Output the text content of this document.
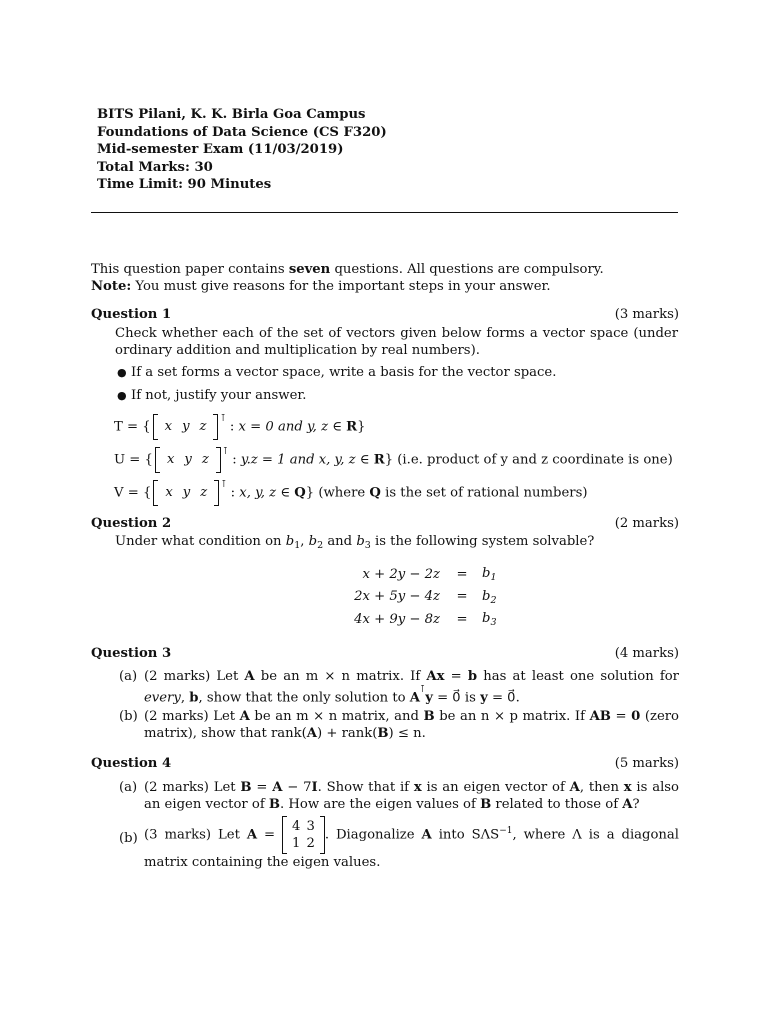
BITS Pilani, K. K. Birla Goa Campus
Foundations of Data Science (CS F320)
Mid-semester Exam (11/03/2019)
Total Marks: 30
Time Limit: 90 Minutes
This question paper contains seven questions. All questions are compulsory.
Note: You must give reasons for the important steps in your answer.
Question 1	(3 marks)
Check whether each of the set of vectors given below forms a vector space (under ordinary addition and multiplication by real numbers).
● If a set forms a vector space, write a basis for the vector space.
● If not, justify your answer.
T = { x y z⊺ : x = 0 and y, z ∈ R}
U = { x y z⊺ : y.z = 1 and x, y, z ∈ R} (i.e. product of y and z coordinate is one)
V = { x y z⊺ : x, y, z ∈ Q} (where Q is the set of rational numbers)
Question 2	(2 marks)
Under what condition on $b_1$, $b_2$ and $b_3$ is the following system solvable?
x + 2y − 2z	=	$b_1$
2x + 5y − 4z	=	$b_2$
4x + 9y − 8z	=	$b_3$
Question 3	(4 marks)
(a) (2 marks) Let A be an m × n matrix. If Ax = b has at least one solution for every, b, show that the only solution to A⊺y = 0⃗ is y = 0⃗.
(b) (2 marks) Let A be an m × n matrix, and B be an n × p matrix. If AB = 0 (zero matrix), show that rank(A) + rank(B) ≤ n.
Question 4	(5 marks)
(a) (2 marks) Let B = A − 7I. Show that if x is an eigen vector of A, then x is also an eigen vector of B. How are the eigen values of B related to those of A?
(b) (3 marks) Let A =
4	3
1	2
. Diagonalize A into $S\Lambda S^{-1}$, where Λ is a diagonal matrix containing the eigen values.
